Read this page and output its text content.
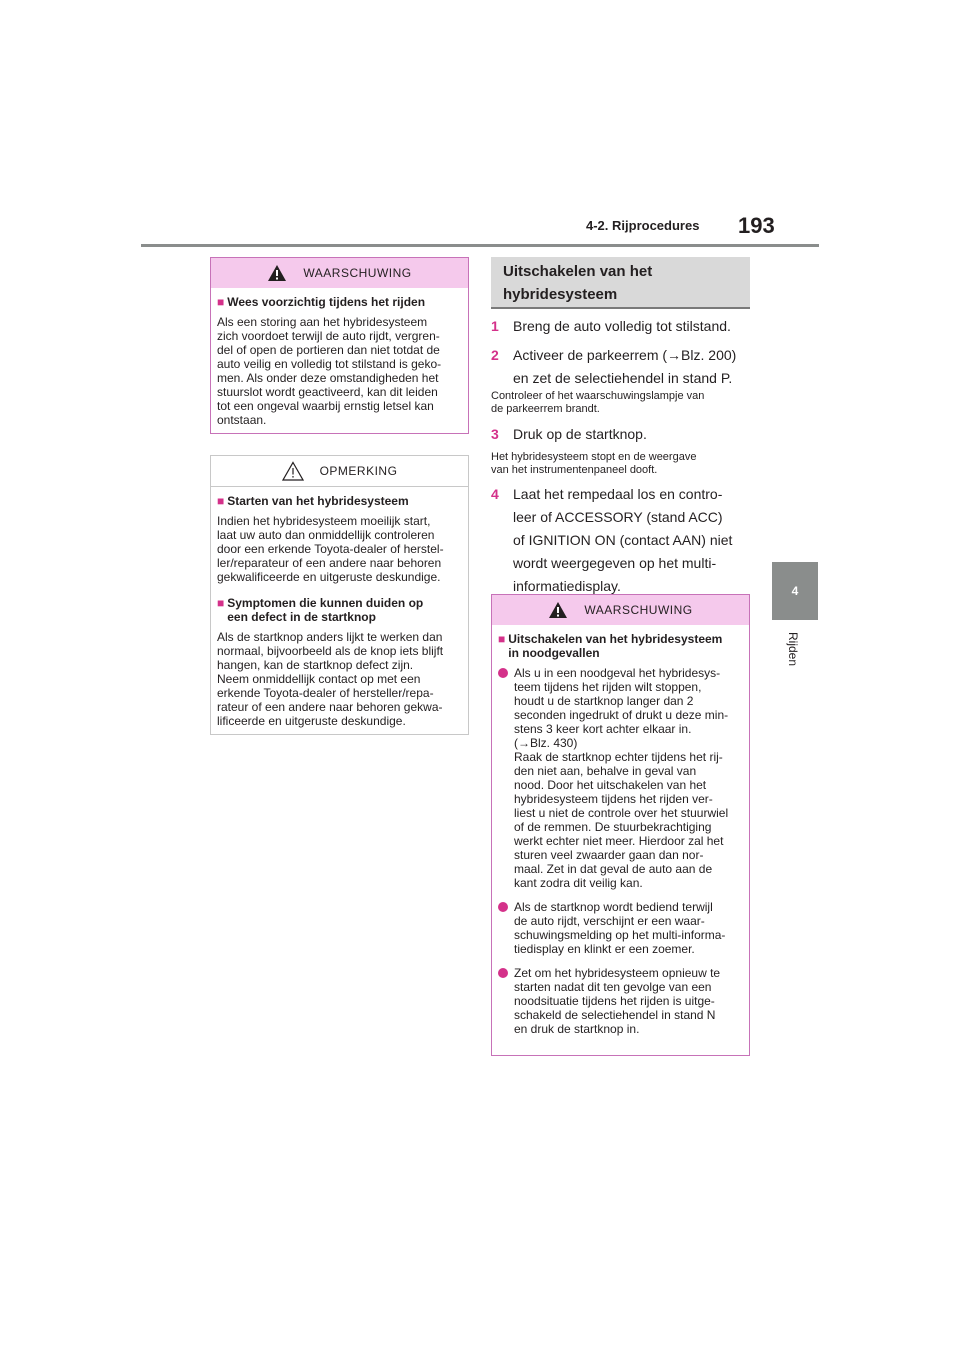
4-2. Rijprocedures 193
4
Rijden
WAARSCHUWING
■ Wees voorzichtig tijdens het rijden

Als een storing aan het hybridesysteem
zich voordoet terwijl de auto rijdt, vergren-
del of open de portieren dan niet totdat de
auto veilig en volledig tot stilstand is geko-
men. Als onder deze omstandigheden het
stuurslot wordt geactiveerd, kan dit leiden
tot een ongeval waarbij ernstig letsel kan
ontstaan.

OPMERKING
■ Starten van het hybridesysteem

Indien het hybridesysteem moeilijk start,
laat uw auto dan onmiddellijk controleren
door een erkende Toyota-dealer of herstel-
ler/reparateur of een andere naar behoren
gekwalificeerde en uitgeruste deskundige.

■ Symptomen die kunnen duiden op
een defect in de startknop

Als de startknop anders lijkt te werken dan
normaal, bijvoorbeeld als de knop iets blijft
hangen, kan de startknop defect zijn.
Neem onmiddellijk contact op met een
erkende Toyota-dealer of hersteller/repa-
rateur of een andere naar behoren gekwa-
lificeerde en uitgeruste deskundige.

Uitschakelen van het hybridesysteem
1	Breng de auto volledig tot stilstand.
2	Activeer de parkeerrem (→Blz. 200)
en zet de selectiehendel in stand P.
Controleer of het waarschuwingslampje van
de parkeerrem brandt.
3	Druk op de startknop.
Het hybridesysteem stopt en de weergave
van het instrumentenpaneel dooft.
4	Laat het rempedaal los en contro-
leer of ACCESSORY (stand ACC)
of IGNITION ON (contact AAN) niet
wordt weergegeven op het multi-
informatiedisplay.
WAARSCHUWING
■ Uitschakelen van het hybridesysteem
in noodgevallen

Als u in een noodgeval het hybridesys-
teem tijdens het rijden wilt stoppen,
houdt u de startknop langer dan 2
seconden ingedrukt of drukt u deze min-
stens 3 keer kort achter elkaar in.
(→Blz. 430)
Raak de startknop echter tijdens het rij-
den niet aan, behalve in geval van
nood. Door het uitschakelen van het
hybridesysteem tijdens het rijden ver-
liest u niet de controle over het stuurwiel
of de remmen. De stuurbekrachtiging
werkt echter niet meer. Hierdoor zal het
sturen veel zwaarder gaan dan nor-
maal. Zet in dat geval de auto aan de
kant zodra dit veilig kan.

Als de startknop wordt bediend terwijl
de auto rijdt, verschijnt er een waar-
schuwingsmelding op het multi-informa-
tiedisplay en klinkt er een zoemer.

Zet om het hybridesysteem opnieuw te
starten nadat dit ten gevolge van een
noodsituatie tijdens het rijden is uitge-
schakeld de selectiehendel in stand N
en druk de startknop in.
